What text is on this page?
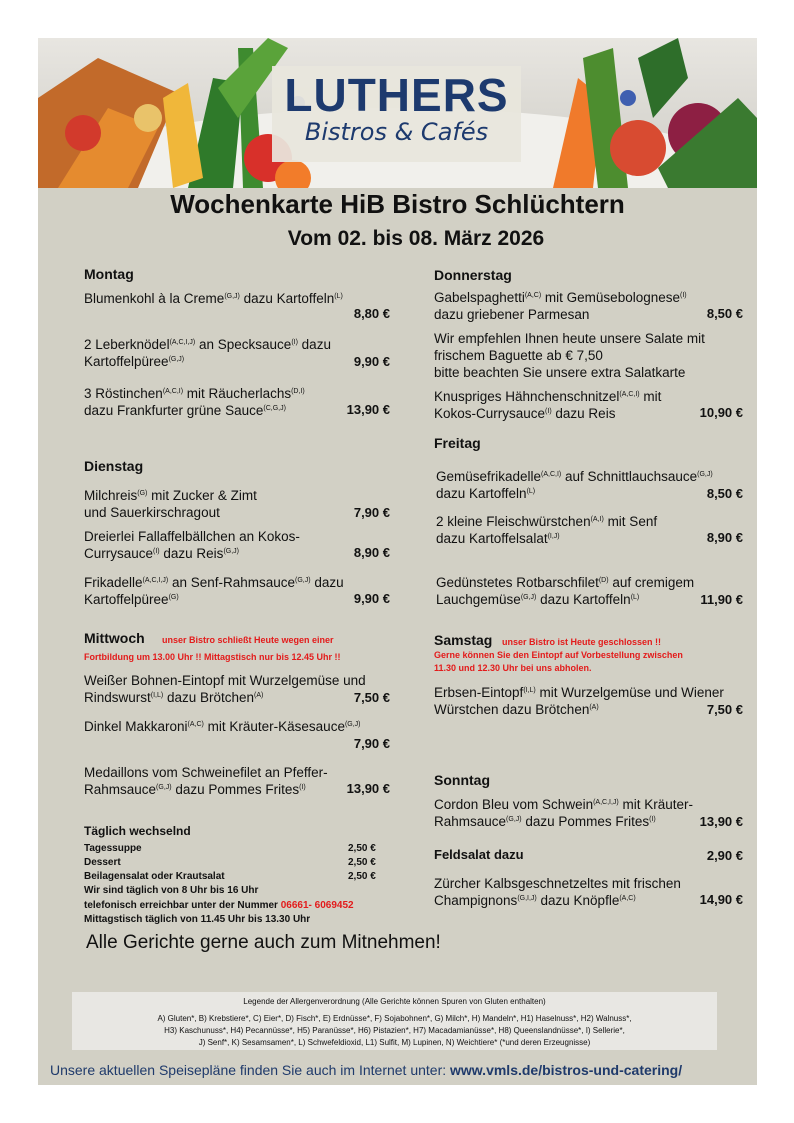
LUTHERS
Bistros & Cafés
Wochenkarte HiB Bistro Schlüchtern
Vom 02. bis 08. März 2026
Montag
Blumenkohl à la Creme$^{(G,J)}$ dazu Kartoffeln$^{(L)}$
8,80 €
2 Leberknödel$^{(A,C,I,J)}$ an Specksauce$^{(I)}$ dazu
Kartoffelpüree$^{(G,J)}$	9,90 €
3 Röstinchen$^{(A,C,I)}$ mit Räucherlachs$^{(D,I)}$
dazu Frankfurter grüne Sauce$^{(C,G,J)}$	13,90 €
Dienstag
Milchreis$^{(G)}$ mit Zucker & Zimt
und Sauerkirschragout	7,90 €
Dreierlei Fallaffelbällchen an Kokos-
Currysauce$^{(I)}$ dazu Reis$^{(G,J)}$	8,90 €
Frikadelle$^{(A,C,I,J)}$ an Senf-Rahmsauce$^{(G,J)}$ dazu
Kartoffelpüree$^{(G)}$	9,90 €
Mittwoch unser Bistro schließt Heute wegen einer
Fortbildung um 13.00 Uhr !! Mittagstisch nur bis 12.45 Uhr !!
Weißer Bohnen-Eintopf mit Wurzelgemüse und
Rindswurst$^{(I,L)}$ dazu Brötchen$^{(A)}$	7,50 €
Dinkel Makkaroni$^{(A,C)}$ mit Kräuter-Käsesauce$^{(G,J)}$
7,90 €
Medaillons vom Schweinefilet an Pfeffer-
Rahmsauce$^{(G,J)}$ dazu Pommes Frites$^{(I)}$	13,90 €
Täglich wechselnd
Tagessuppe	2,50 €
Dessert	2,50 €
Beilagensalat oder Krautsalat	2,50 €
Wir sind täglich von 8 Uhr bis 16 Uhr
telefonisch erreichbar unter der Nummer 06661- 6069452
Mittagstisch täglich von 11.45 Uhr bis 13.30 Uhr
Alle Gerichte gerne auch zum Mitnehmen!
Donnerstag
Gabelspaghetti$^{(A,C)}$ mit Gemüsebolognese$^{(I)}$
dazu griebener Parmesan	8,50 €
Wir empfehlen Ihnen heute unsere Salate mit
frischem Baguette ab € 7,50
bitte beachten Sie unsere extra Salatkarte
Knuspriges Hähnchenschnitzel$^{(A,C,I)}$ mit
Kokos-Currysauce$^{(I)}$ dazu Reis	10,90 €
Freitag
Gemüsefrikadelle$^{(A,C,I)}$ auf Schnittlauchsauce$^{(G,J)}$
dazu Kartoffeln$^{(L)}$	8,50 €
2 kleine Fleischwürstchen$^{(A,I)}$ mit Senf
dazu Kartoffelsalat$^{(I,J)}$	8,90 €
Gedünstetes Rotbarschfilet$^{(D)}$ auf cremigem
Lauchgemüse$^{(G,J)}$ dazu Kartoffeln$^{(L)}$	11,90 €
Samstag unser Bistro ist Heute geschlossen !!
Gerne können Sie den Eintopf auf Vorbestellung zwischen
11.30 und 12.30 Uhr bei uns abholen.
Erbsen-Eintopf$^{(I,L)}$ mit Wurzelgemüse und Wiener
Würstchen dazu Brötchen$^{(A)}$	7,50 €
Sonntag
Cordon Bleu vom Schwein$^{(A,C,I,J)}$ mit Kräuter-
Rahmsauce$^{(G,J)}$ dazu Pommes Frites$^{(I)}$	13,90 €
Feldsalat dazu	2,90 €
Zürcher Kalbsgeschnetzeltes mit frischen
Champignons$^{(G,I,J)}$ dazu Knöpfle$^{(A,C)}$	14,90 €
Legende der Allergenverordnung (Alle Gerichte können Spuren von Gluten enthalten)
A) Gluten*, B) Krebstiere*, C) Eier*, D) Fisch*, E) Erdnüsse*, F) Sojabohnen*, G) Milch*, H) Mandeln*, H1) Haselnuss*, H2) Walnuss*,
H3) Kaschunuss*, H4) Pecannüsse*, H5) Paranüsse*, H6) Pistazien*, H7) Macadamianüsse*, H8) Queenslandnüsse*, I) Sellerie*,
J) Senf*, K) Sesamsamen*, L) Schwefeldioxid, L1) Sulfit, M) Lupinen, N) Weichtiere* (*und deren Erzeugnisse)
Unsere aktuellen Speisepläne finden Sie auch im Internet unter: www.vmls.de/bistros-und-catering/
